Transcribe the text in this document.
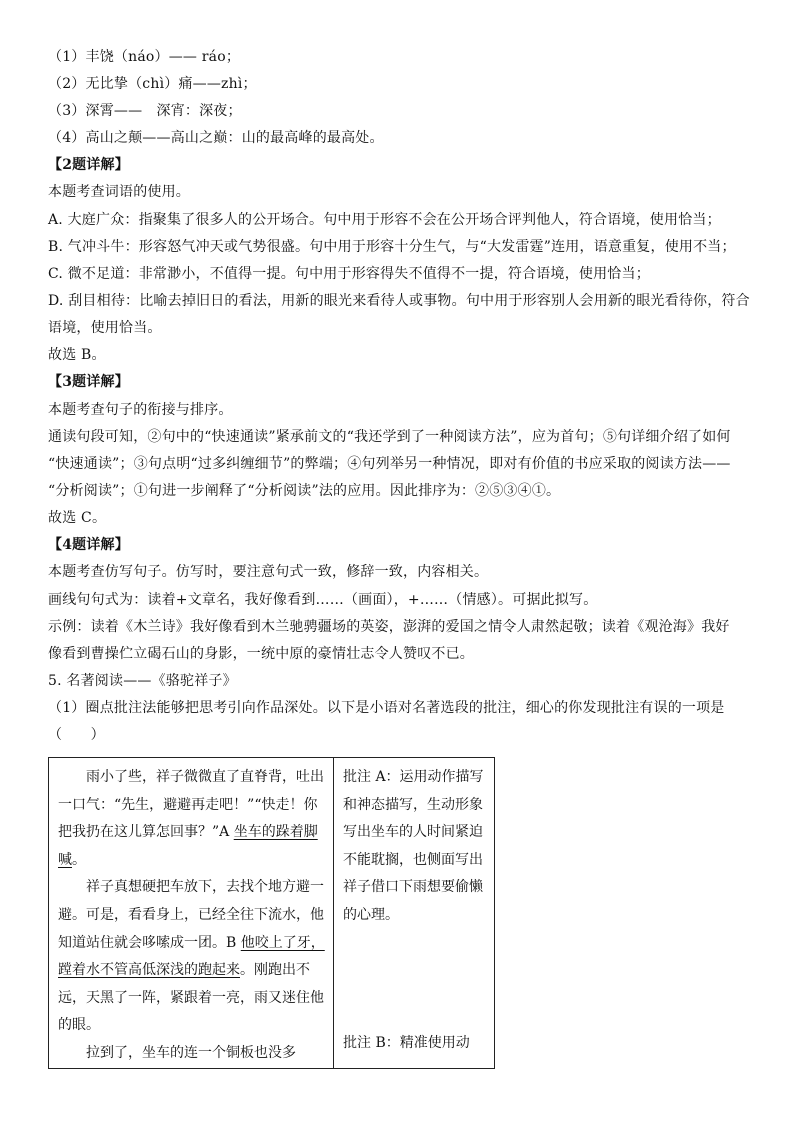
（1）丰饶（náo）—— ráo；
（2）无比挚（chì）痛——zhì；
（3）深霄——　深宵：深夜；
（4）高山之颠——高山之巅：山的最高峰的最高处。
【2题详解】
本题考查词语的使用。
A. 大庭广众：指聚集了很多人的公开场合。句中用于形容不会在公开场合评判他人，符合语境，使用恰当；
B. 气冲斗牛：形容怒气冲天或气势很盛。句中用于形容十分生气，与“大发雷霆”连用，语意重复，使用不当；
C. 微不足道：非常渺小，不值得一提。句中用于形容得失不值得不一提，符合语境，使用恰当；
D. 刮目相待：比喻去掉旧日的看法，用新的眼光来看待人或事物。句中用于形容别人会用新的眼光看待你，符合
语境，使用恰当。
故选 B。
【3题详解】
本题考查句子的衔接与排序。
通读句段可知，②句中的“快速通读”紧承前文的“我还学到了一种阅读方法”，应为首句；⑤句详细介绍了如何
“快速通读”；③句点明“过多纠缠细节”的弊端；④句列举另一种情况，即对有价值的书应采取的阅读方法——
“分析阅读”；①句进一步阐释了“分析阅读”法的应用。因此排序为：②⑤③④①。
故选 C。
【4题详解】
本题考查仿写句子。仿写时，要注意句式一致，修辞一致，内容相关。
画线句句式为：读着+文章名，我好像看到……（画面），+……（情感）。可据此拟写。
示例：读着《木兰诗》我好像看到木兰驰骋疆场的英姿，澎湃的爱国之情令人肃然起敬；读着《观沧海》我好
像看到曹操伫立碣石山的身影，一统中原的豪情壮志令人赞叹不已。
5. 名著阅读——《骆驼祥子》
（1）圈点批注法能够把思考引向作品深处。以下是小语对名著选段的批注，细心的你发现批注有误的一项是
（　　）
雨小了些，祥子微微直了直脊背，吐出一口气：“先生，避避再走吧！”“快走！你把我扔在这儿算怎回事？”A 坐车的跺着脚喊。
祥子真想硬把车放下，去找个地方避一避。可是，看看身上，已经全往下流水，他知道站住就会哆嗦成一团。B 他咬上了牙，蹚着水不管高低深浅的跑起来。刚跑出不远，天黑了一阵，紧跟着一亮，雨又迷住他的眼。
拉到了，坐车的连一个铜板也没多
	批注 A：运用动作描写和神态描写，生动形象写出坐车的人时间紧迫不能耽搁，也侧面写出祥子借口下雨想要偷懒的心理。
批注 B：精准使用动
